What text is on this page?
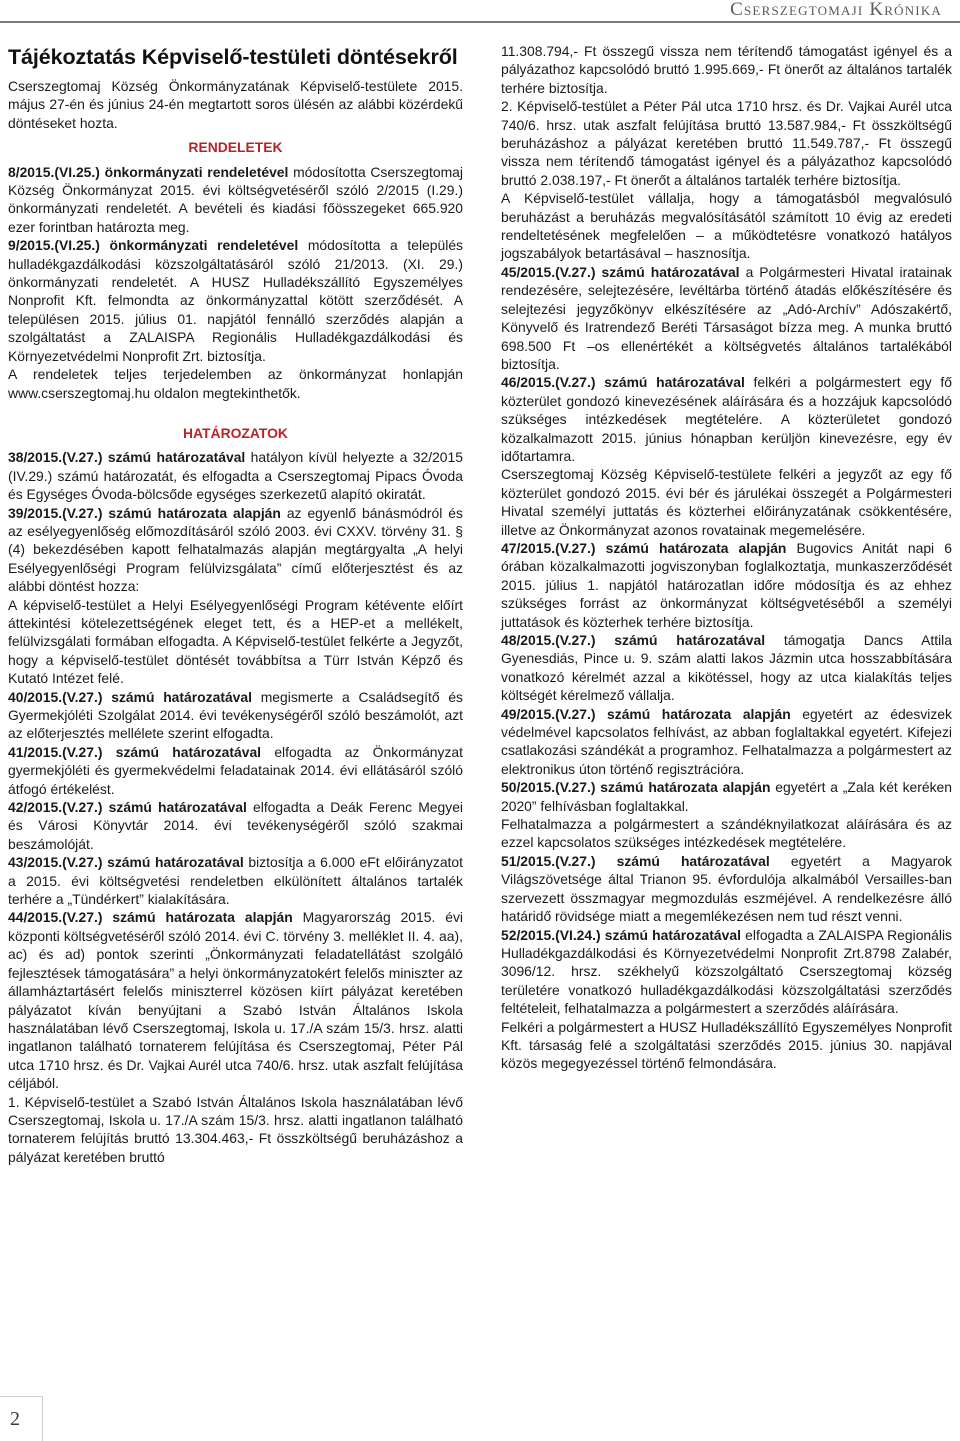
Cserszegtomaji Krónika
Tájékoztatás Képviselő-testületi döntésekről

Cserszegtomaj Község Önkormányzatának Képviselő-testülete 2015. május 27-én és június 24-én megtartott soros ülésén az alábbi közérdekű döntéseket hozta.

RENDELETEK

8/2015.(VI.25.) önkormányzati rendeletével módosította Cserszegtomaj Község Önkormányzat 2015. évi költségvetéséről szóló 2/2015 (I.29.) önkormányzati rendeletét. A bevételi és kiadási főösszegeket 665.920 ezer forintban határozta meg.

9/2015.(VI.25.) önkormányzati rendeletével módosította a település hulladékgazdálkodási közszolgáltatásáról szóló 21/2013. (XI. 29.) önkormányzati rendeletét. A HUSZ Hulladékszállító Egyszemélyes Nonprofit Kft. felmondta az önkormányzattal kötött szerződését. A településen 2015. július 01. napjától fennálló szerződés alapján a szolgáltatást a ZALAISPA Regionális Hulladékgazdálkodási és Környezetvédelmi Nonprofit Zrt. biztosítja.

A rendeletek teljes terjedelemben az önkormányzat honlapján www.cserszegtomaj.hu oldalon megtekinthetők.

HATÁROZATOK

38/2015.(V.27.) számú határozatával hatályon kívül helyezte a 32/2015 (IV.29.) számú határozatát, és elfogadta a Cserszegtomaj Pipacs Óvoda és Egységes Óvoda-bölcsőde egységes szerkezetű alapító okiratát.

39/2015.(V.27.) számú határozata alapján az egyenlő bánásmódról és az esélyegyenlőség előmozdításáról szóló 2003. évi CXXV. törvény 31. § (4) bekezdésében kapott felhatalmazás alapján megtárgyalta „A helyi Esélyegyenlőségi Program felülvizsgálata” című előterjesztést és az alábbi döntést hozza:

A képviselő-testület a Helyi Esélyegyenlőségi Program kétévente előírt áttekintési kötelezettségének eleget tett, és a HEP-et a mellékelt, felülvizsgálati formában elfogadta. A Képviselő-testület felkérte a Jegyzőt, hogy a képviselő-testület döntését továbbítsa a Türr István Képző és Kutató Intézet felé.

40/2015.(V.27.) számú határozatával megismerte a Családsegítő és Gyermekjóléti Szolgálat 2014. évi tevékenységéről szóló beszámolót, azt az előterjesztés mellélete szerint elfogadta.

41/2015.(V.27.) számú határozatával elfogadta az Önkormányzat gyermekjóléti és gyermekvédelmi feladatainak 2014. évi ellátásáról szóló átfogó értékelést.

42/2015.(V.27.) számú határozatával elfogadta a Deák Ferenc Megyei és Városi Könyvtár 2014. évi tevékenységéről szóló szakmai beszámolóját.

43/2015.(V.27.) számú határozatával biztosítja a 6.000 eFt előirányzatot a 2015. évi költségvetési rendeletben elkülönített általános tartalék terhére a „Tündérkert” kialakítására.

44/2015.(V.27.) számú határozata alapján Magyarország 2015. évi központi költségvetéséről szóló 2014. évi C. törvény 3. melléklet II. 4. aa), ac) és ad) pontok szerinti „Önkormányzati feladatellátást szolgáló fejlesztések támogatására” a helyi önkormányzatokért felelős miniszter az államháztartásért felelős miniszterrel közösen kiírt pályázat keretében pályázatot kíván benyújtani a Szabó István Általános Iskola használatában lévő Cserszegtomaj, Iskola u. 17./A szám 15/3. hrsz. alatti ingatlanon található tornaterem felújítása és Cserszegtomaj, Péter Pál utca 1710 hrsz. és Dr. Vajkai Aurél utca 740/6. hrsz. utak aszfalt felújítása céljából.

1. Képviselő-testület a Szabó István Általános Iskola használatában lévő Cserszegtomaj, Iskola u. 17./A szám 15/3. hrsz. alatti ingatlanon található tornaterem felújítás bruttó 13.304.463,- Ft összköltségű beruházáshoz a pályázat keretében bruttó

11.308.794,- Ft összegű vissza nem térítendő támogatást igényel és a pályázathoz kapcsolódó bruttó 1.995.669,- Ft önerőt az általános tartalék terhére biztosítja.

2. Képviselő-testület a Péter Pál utca 1710 hrsz. és Dr. Vajkai Aurél utca 740/6. hrsz. utak aszfalt felújítása bruttó 13.587.984,- Ft összköltségű beruházáshoz a pályázat keretében bruttó 11.549.787,- Ft összegű vissza nem térítendő támogatást igényel és a pályázathoz kapcsolódó bruttó 2.038.197,- Ft önerőt a általános tartalék terhére biztosítja.

A Képviselő-testület vállalja, hogy a támogatásból megvalósuló beruházást a beruházás megvalósításától számított 10 évig az eredeti rendeltetésének megfelelően – a működtetésre vonatkozó hatályos jogszabályok betartásával – hasznosítja.

45/2015.(V.27.) számú határozatával a Polgármesteri Hivatal iratainak rendezésére, selejtezésére, levéltárba történő átadás előkészítésére és selejtezési jegyzőkönyv elkészítésére az „Adó-Archív” Adószakértő, Könyvelő és Iratrendező Beréti Társaságot bízza meg. A munka bruttó 698.500 Ft –os ellenértékét a költségvetés általános tartalékából biztosítja.

46/2015.(V.27.) számú határozatával felkéri a polgármestert egy fő közterület gondozó kinevezésének aláírására és a hozzájuk kapcsolódó szükséges intézkedések megtételére. A közterületet gondozó közalkalmazott 2015. június hónapban kerüljön kinevezésre, egy év időtartamra.

Cserszegtomaj Község Képviselő-testülete felkéri a jegyzőt az egy fő közterület gondozó 2015. évi bér és járulékai összegét a Polgármesteri Hivatal személyi juttatás és közterhei előirányzatának csökkentésére, illetve az Önkormányzat azonos rovatainak megemelésére.

47/2015.(V.27.) számú határozata alapján Bugovics Anitát napi 6 órában közalkalmazotti jogviszonyban foglalkoztatja, munkaszerződését 2015. július 1. napjától határozatlan időre módosítja és az ehhez szükséges forrást az önkormányzat költségvetéséből a személyi juttatások és közterhek terhére biztosítja.

48/2015.(V.27.) számú határozatával támogatja Dancs Attila Gyenesdiás, Pince u. 9. szám alatti lakos Jázmin utca hosszabbítására vonatkozó kérelmét azzal a kikötéssel, hogy az utca kialakítás teljes költségét kérelmező vállalja.

49/2015.(V.27.) számú határozata alapján egyetért az édesvizek védelmével kapcsolatos felhívást, az abban foglaltakkal egyetért. Kifejezi csatlakozási szándékát a programhoz. Felhatalmazza a polgármestert az elektronikus úton történő regisztrációra.

50/2015.(V.27.) számú határozata alapján egyetért a „Zala két keréken 2020” felhívásban foglaltakkal.

Felhatalmazza a polgármestert a szándéknyilatkozat aláírására és az ezzel kapcsolatos szükséges intézkedések megtételére.

51/2015.(V.27.) számú határozatával egyetért a Magyarok Világszövetsége által Trianon 95. évfordulója alkalmából Versailles-ban szervezett összmagyar megmozdulás eszméjével. A rendelkezésre álló határidő rövidsége miatt a megemlékezésen nem tud részt venni.

52/2015.(VI.24.) számú határozatával elfogadta a ZALAISPA Regionális Hulladékgazdálkodási és Környezetvédelmi Nonprofit Zrt.8798 Zalabér, 3096/12. hrsz. székhelyű közszolgáltató Cserszegtomaj község területére vonatkozó hulladékgazdálkodási közszolgáltatási szerződés feltételeit, felhatalmazza a polgármestert a szerződés aláírására.

Felkéri a polgármestert a HUSZ Hulladékszállító Egyszemélyes Nonprofit Kft. társaság felé a szolgáltatási szerződés 2015. június 30. napjával közös megegyezéssel történő felmondására.

2
